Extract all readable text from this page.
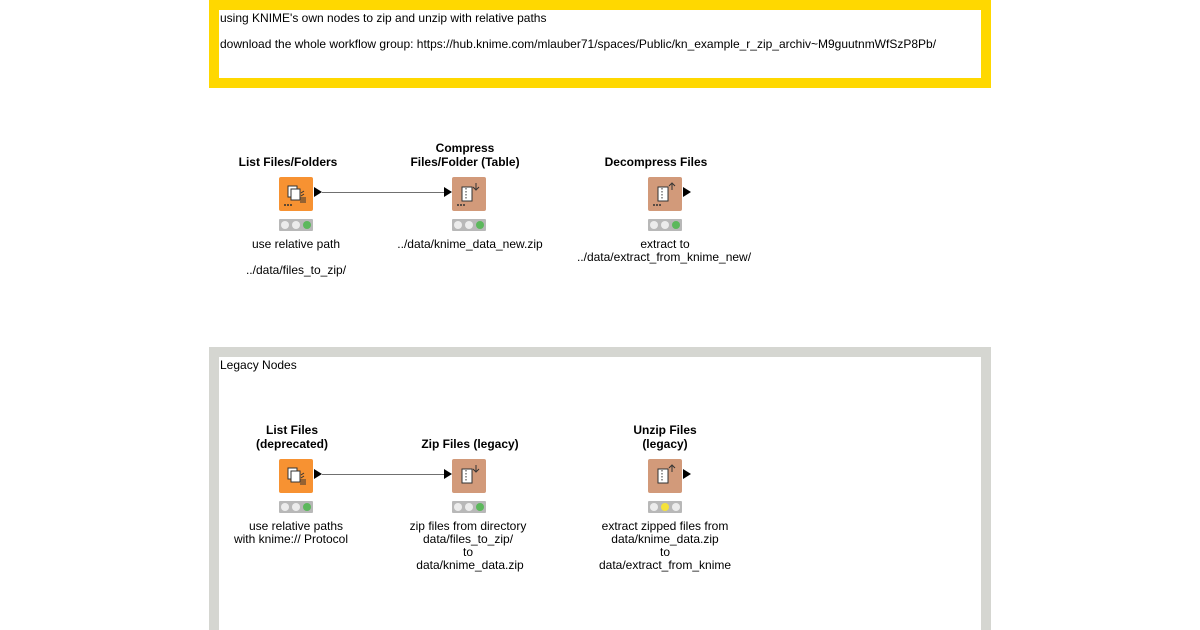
using KNIME's own nodes to zip and unzip with relative paths
download the whole workflow group: https://hub.knime.com/mlauber71/spaces/Public/kn_example_r_zip_archiv~M9guutnmWfSzP8Pb/
Legacy Nodes
List Files/Folders
use relative path
../data/files_to_zip/
Compress
Files/Folder (Table)
../data/knime_data_new.zip
Decompress Files
extract to
../data/extract_from_knime_new/
List Files
(deprecated)
use relative paths
with knime:// Protocol
Zip Files (legacy)
zip files from directory
data/files_to_zip/
to
data/knime_data.zip
Unzip Files
(legacy)
extract zipped files from
data/knime_data.zip
to
data/extract_from_knime
